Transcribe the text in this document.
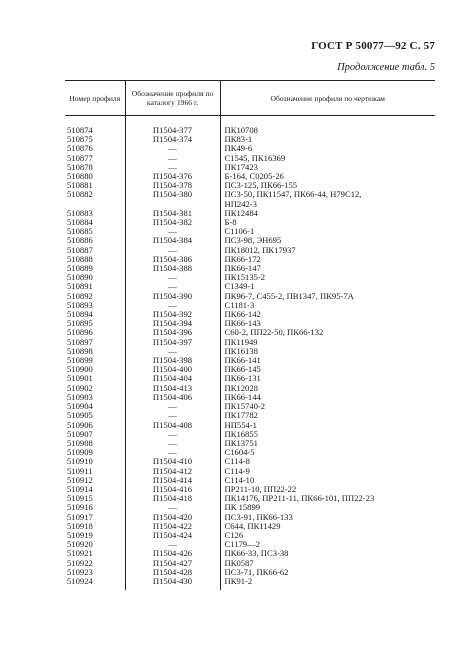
ГОСТ Р 50077—92 С. 57
Продолжение табл. 5
Номер профиля	Обозначение профиля по каталогу 1966 г.	Обозначение профиля по чертежам

510874	П1504-377	ПК10708
510875	П1504-374	ПК83-1
510876	—	ПК49-6
510877	—	С1545, ПК16369
510878	—	ПК17423
510880	П1504-376	Б-164, С0205-26
510881	П1504-378	ПС3-125, ПК66-155
510882	П1504-380	ПС3-50, ПК11547, ПК66-44, Н79С12,
		НП242-3
510883	П1504-381	ПК12484
510884	П1504-382	Б-8
510885	—	С1106-1
510886	П1504-384	ПС3-98, ЭН695
510887	—	ПК18012, ПК17937
510888	П1504-386	ПК66-172
510889	П1504-388	ПК66-147
510890	—	ПК15135-2
510891	—	С1349-1
510892	П1504-390	ПК96-7, С455-2, ПВ1347, ПК95-7А
510893	—	С1181-3
510894	П1504-392	ПК66-142
510895	П1504-394	ПК66-143
510896	П1504-396	С60-2, ПП22-50, ПК66-132
510897	П1504-397	ПК11949
510898	—	ПК16138
510899	П1504-398	ПК66-141
510900	П1504-400	ПК66-145
510901	П1504-404	ПК66-131
510902	П1504-413	ПК12028
510903	П1504-406	ПК66-144
510904	—	ПК15740-2
510905	—	ПК17782
510906	П1504-408	НП554-1
510907	—	ПК16855
510908	—	ПК13751
510909	—	С1604-5
510910	П1504-410	С114-8
510911	П1504-412	С114-9
510912	П1504-414	С114-10
510914	П1504-416	ПР211-10, ПП22-22
510915	П1504-418	ПК14176, ПР211-11, ПК66-101, ПП22-23
510916	—	ПК 15899
510917	П1504-420	ПС3-91, ПК66-133
510918	П1504-422	С644, ПК11429
510919	П1504-424	С126
510920	—	С1179—2
510921	П1504-426	ПК66-33, ПС3-38
510922	П1504-427	ПК0587
510923	П1504-428	ПС3-71, ПК66-62
510924	П1504-430	ПК91-2
